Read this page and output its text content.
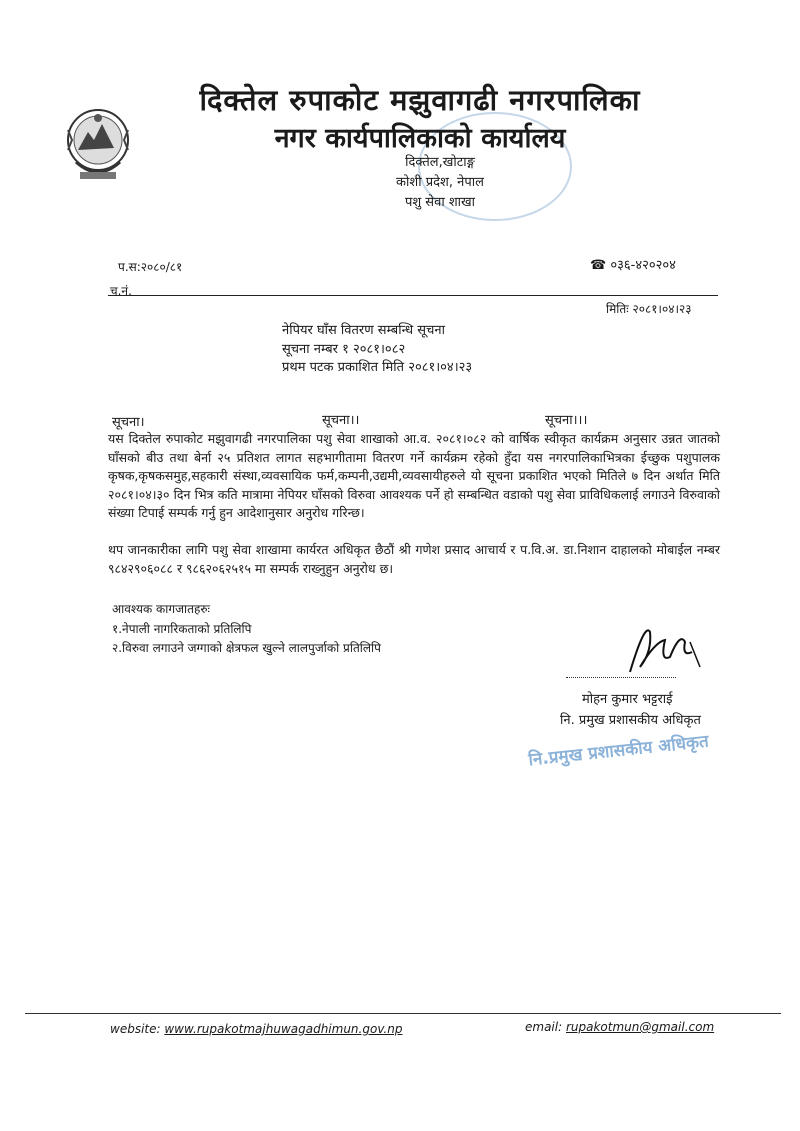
दिक्तेल रुपाकोट मझुवागढी नगरपालिका
नगर कार्यपालिकाको कार्यालय
दिक्तेल,खोटाङ्ग
कोशी प्रदेश, नेपाल
पशु सेवा शाखा
प.स:२०८०/८१	☎ ०३६-४२०२०४
च.नं.
मितिः २०८१।०४।२३
नेपियर घाँस वितरण सम्बन्धि सूचना
सूचना नम्बर १ २०८१।०८२
प्रथम पटक प्रकाशित मिति २०८१।०४।२३
सूचना।	सूचना।।	सूचना।।।
यस दिक्तेल रुपाकोट मझुवागढी नगरपालिका पशु सेवा शाखाको आ.व. २०८१।०८२ को वार्षिक स्वीकृत कार्यक्रम अनुसार उन्नत जातको घाँसको बीउ तथा बेर्ना २५ प्रतिशत लागत सहभागीतामा वितरण गर्ने कार्यक्रम रहेको हुँदा यस नगरपालिकाभित्रका ईच्छुक पशुपालक कृषक,कृषकसमुह,सहकारी संस्था,व्यवसायिक फर्म,कम्पनी,उद्यमी,व्यवसायीहरुले यो सूचना प्रकाशित भएको मितिले ७ दिन अर्थात मिति २०८१।०४।३० दिन भित्र कति मात्रामा नेपियर घाँसको विरुवा आवश्यक पर्ने हो सम्बन्धित वडाको पशु सेवा प्राविधिकलाई लगाउने विरुवाको संख्या टिपाई सम्पर्क गर्नु हुन आदेशानुसार अनुरोध गरिन्छ।
थप जानकारीका लागि पशु सेवा शाखामा कार्यरत अधिकृत छैठौं श्री गणेश प्रसाद आचार्य र प.वि.अ. डा.निशान दाहालको मोबाईल नम्बर ९८४२९०६०८८ र ९८६२०६२५१५ मा सम्पर्क राख्नुहुन अनुरोध छ।
आवश्यक कागजातहरुः
१.नेपाली नागरिकताको प्रतिलिपि
२.विरुवा लगाउने जग्गाको क्षेत्रफल खुल्ने लालपुर्जाको प्रतिलिपि
मोहन कुमार भट्टराई
नि. प्रमुख प्रशासकीय अधिकृत
नि.प्रमुख प्रशासकीय अधिकृत
website: www.rupakotmajhuwagadhimun.gov.np	email: rupakotmun@gmail.com
